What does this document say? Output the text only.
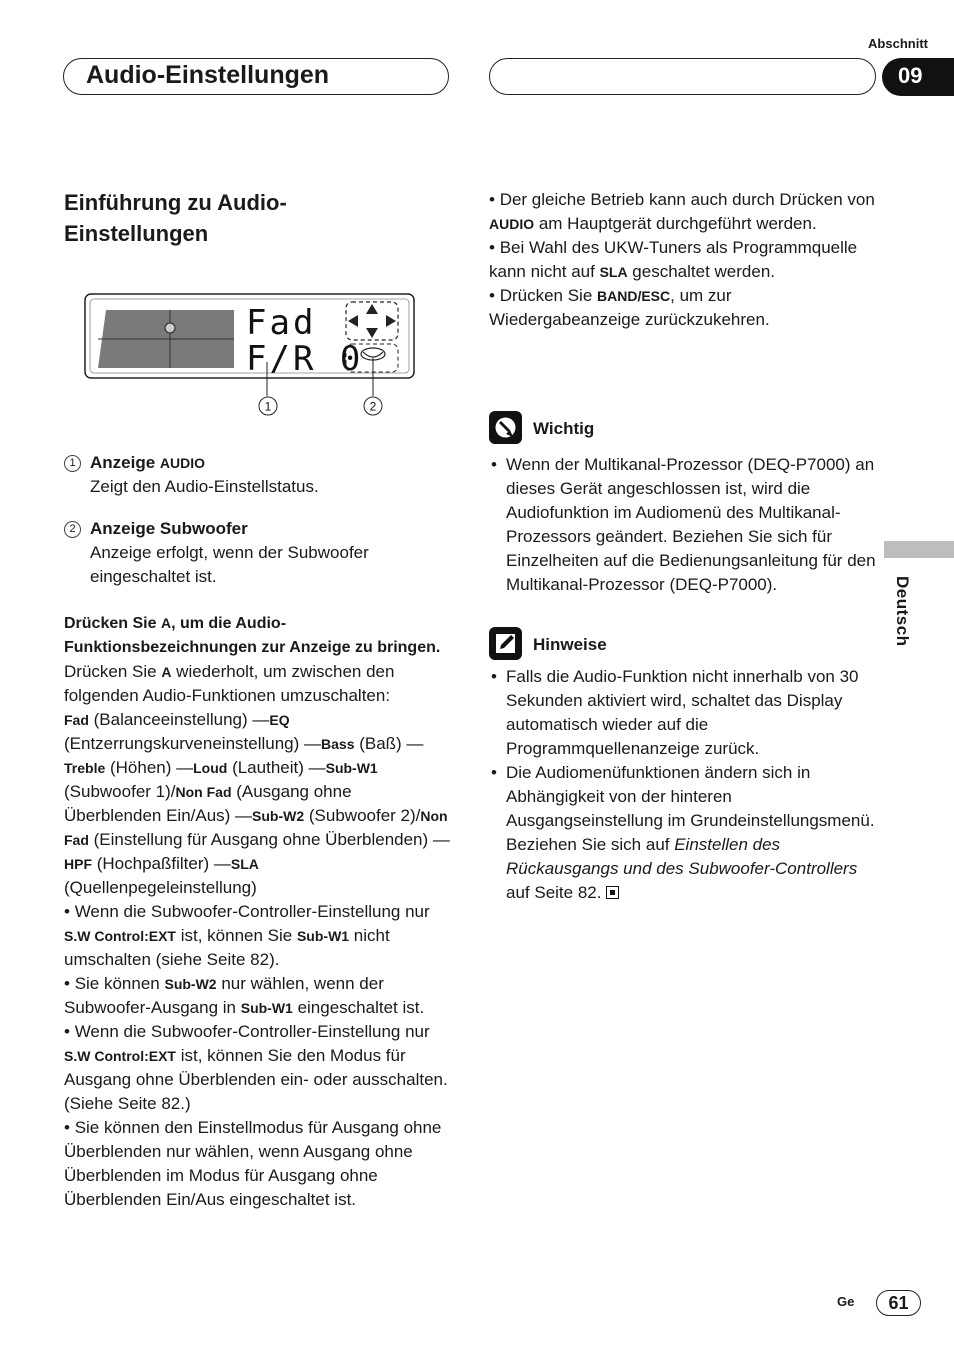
Abschnitt
Audio-Einstellungen	09
Einführung zu Audio-Einstellungen
Fad
F/R 0
1	2
1 Anzeige AUDIO
Zeigt den Audio-Einstellstatus.
2 Anzeige Subwoofer
Anzeige erfolgt, wenn der Subwoofer eingeschaltet ist.

Drücken Sie A, um die Audio-Funktionsbezeichnungen zur Anzeige zu bringen.

Drücken Sie A wiederholt, um zwischen den folgenden Audio-Funktionen umzuschalten:

Fad (Balanceeinstellung) —EQ (Entzerrungskurveneinstellung) —Bass (Baß) — Treble (Höhen) —Loud (Lautheit) —Sub-W1 (Subwoofer 1)/Non Fad (Ausgang ohne Überblenden Ein/Aus) —Sub-W2 (Subwoofer 2)/Non Fad (Einstellung für Ausgang ohne Überblenden) —HPF (Hochpaßfilter) —SLA (Quellenpegeleinstellung)

• Wenn die Subwoofer-Controller-Einstellung nur S.W Control:EXT ist, können Sie Sub-W1 nicht umschalten (siehe Seite 82).

• Sie können Sub-W2 nur wählen, wenn der Subwoofer-Ausgang in Sub-W1 eingeschaltet ist.

• Wenn die Subwoofer-Controller-Einstellung nur S.W Control:EXT ist, können Sie den Modus für Ausgang ohne Überblenden ein- oder ausschalten. (Siehe Seite 82.)

• Sie können den Einstellmodus für Ausgang ohne Überblenden nur wählen, wenn Ausgang ohne Überblenden im Modus für Ausgang ohne Überblenden Ein/Aus eingeschaltet ist.

• Der gleiche Betrieb kann auch durch Drücken von AUDIO am Hauptgerät durchgeführt werden.

• Bei Wahl des UKW-Tuners als Programmquelle kann nicht auf SLA geschaltet werden.

• Drücken Sie BAND/ESC, um zur Wiedergabeanzeige zurückzukehren.

Wichtig
• Wenn der Multikanal-Prozessor (DEQ-P7000) an dieses Gerät angeschlossen ist, wird die Audiofunktion im Audiomenü des Multikanal-Prozessors geändert. Beziehen Sie sich für Einzelheiten auf die Bedienungsanleitung für den Multikanal-Prozessor (DEQ-P7000).
Hinweise
• Falls die Audio-Funktion nicht innerhalb von 30 Sekunden aktiviert wird, schaltet das Display automatisch wieder auf die Programmquellenanzeige zurück.
• Die Audiomenüfunktionen ändern sich in Abhängigkeit von der hinteren Ausgangseinstellung im Grundeinstellungsmenü. Beziehen Sie sich auf Einstellen des Rückausgangs und des Subwoofer-Controllers auf Seite 82.
Deutsch
Ge	61
